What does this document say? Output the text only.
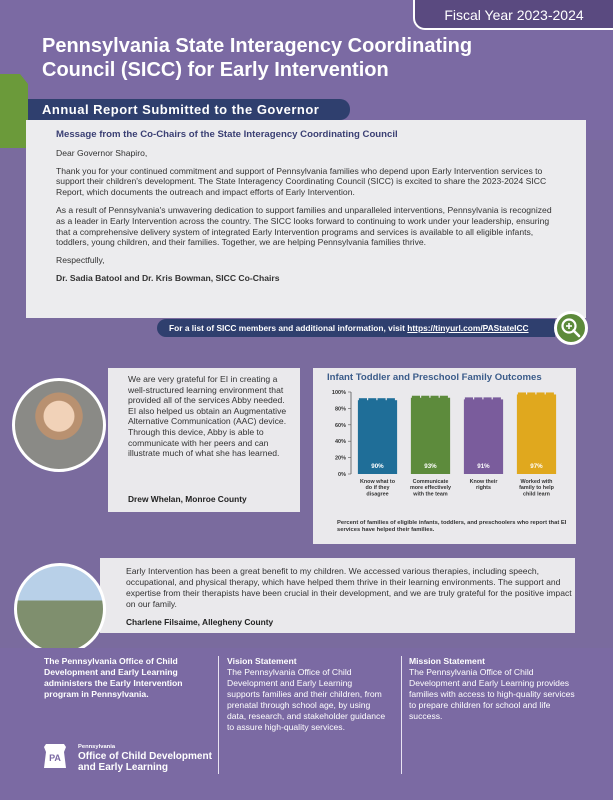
Fiscal Year 2023-2024
Pennsylvania State Interagency Coordinating
Council (SICC) for Early Intervention
Annual Report Submitted to the Governor
Message from the Co-Chairs of the State Interagency Coordinating Council

Dear Governor Shapiro,

Thank you for your continued commitment and support of Pennsylvania families who depend upon Early Intervention services to support their children's development. The State Interagency Coordinating Council (SICC) is excited to share the 2023-2024 SICC Report, which documents the outreach and impact efforts of Early Intervention.

As a result of Pennsylvania's unwavering dedication to support families and unparalleled interventions, Pennsylvania is recognized as a leader in Early Intervention across the country. The SICC looks forward to continuing to work under your leadership, ensuring that a comprehensive delivery system of integrated Early Intervention programs and services is available to all eligible infants, toddlers, young children, and their families. Together, we are helping Pennsylvania families thrive.

Respectfully,

Dr. Sadia Batool and Dr. Kris Bowman, SICC Co-Chairs

For a list of SICC members and additional information, visit https://tinyurl.com/PAStateICC
We are very grateful for EI in creating a well-structured learning environment that provided all of the services Abby needed. EI also helped us obtain an Augmentative Alternative Communication (AAC) device. Through this device, Abby is able to communicate with her peers and can illustrate much of what she has learned.
Drew Whelan, Monroe County
Infant Toddler and Preschool Family Outcomes
0%
20%
40%
60%
80%
100%
90%
Know what to
do if they
disagree
93%
Communicate
more effectively
with the team
91%
Know their
rights
97%
Worked with
family to help
child learn
Percent of families of eligible infants, toddlers, and preschoolers who report that EI services have helped their families.
Early Intervention has been a great benefit to my children. We accessed various therapies, including speech, occupational, and physical therapy, which have helped them thrive in their learning environments. The support and expertise from their therapists have been crucial in their development, and we are truly grateful for the positive impact on our family.
Charlene Filsaime, Allegheny County
The Pennsylvania Office of Child Development and Early Learning administers the Early Intervention program in Pennsylvania.
Vision Statement
The Pennsylvania Office of Child Development and Early Learning supports families and their children, from prenatal through school age, by using data, research, and stakeholder guidance to assure high-quality services.
Mission Statement
The Pennsylvania Office of Child Development and Early Learning provides families with access to high-quality services to prepare children for school and life success.
PA
Pennsylvania
Office of Child Development
and Early Learning
